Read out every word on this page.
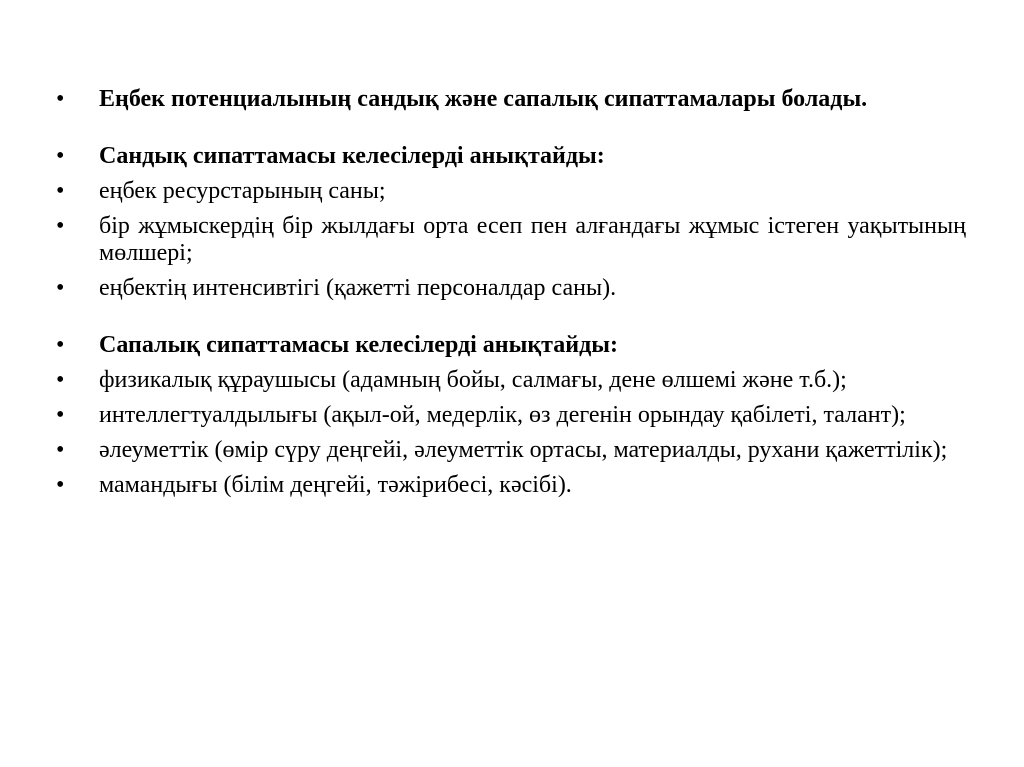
•	Еңбек потенциалының сандық және сапалық сипаттамалары болады.
•	Сандық сипаттамасы келесілерді анықтайды:
•	еңбек ресурстарының саны;
•	бір жұмыскердің бір жылдағы орта есеп пен алғандағы жұмыс істеген уақытының мөлшері;
•	еңбектің интенсивтігі (қажетті персоналдар саны).
•	Сапалық сипаттамасы келесілерді анықтайды:
•	физикалық құраушысы (адамның бойы, салмағы, дене өлшемі және т.б.);
•	интеллегтуалдылығы (ақыл-ой, медерлік, өз дегенін орындау қабілеті, талант);
•	әлеуметтік (өмір сүру деңгейі, әлеуметтік ортасы, материалды, рухани қажеттілік);
•	мамандығы (білім деңгейі, тәжірибесі, кәсібі).
